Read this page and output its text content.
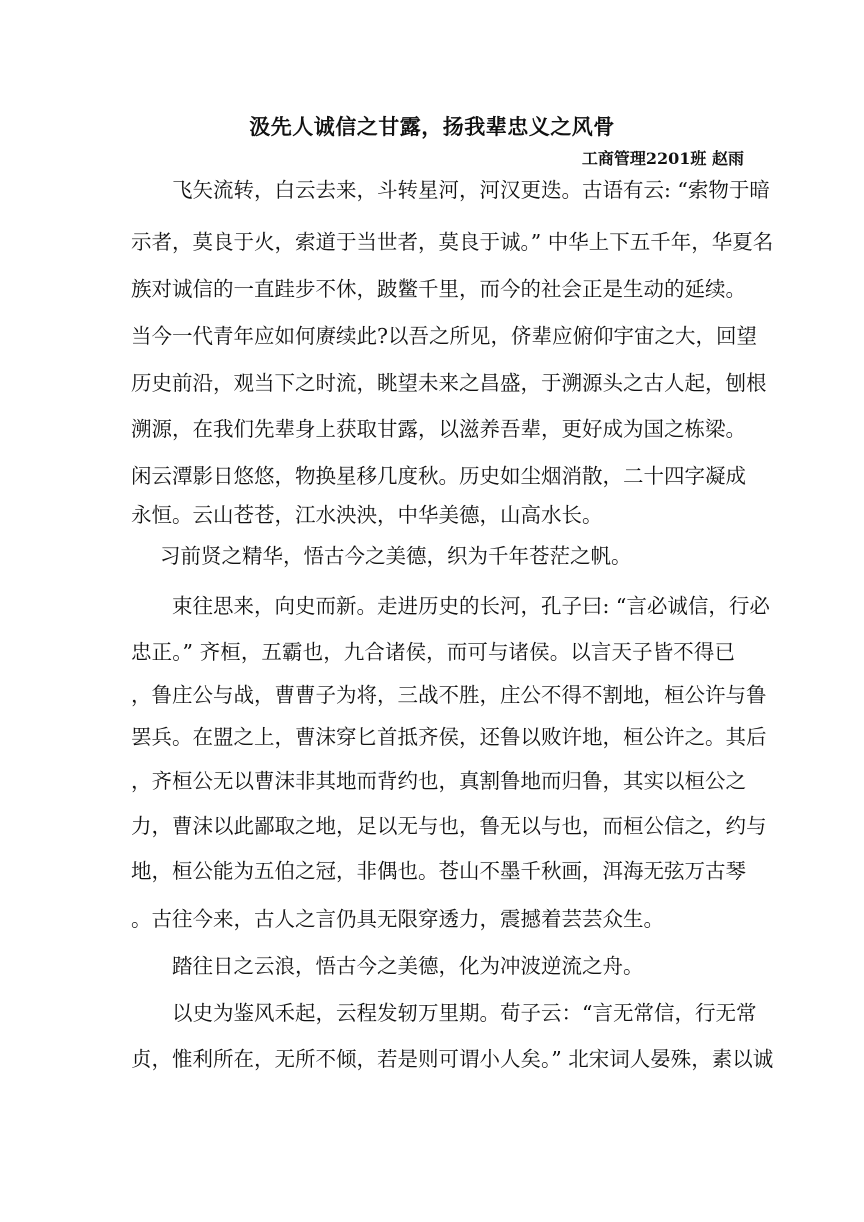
汲先人诚信之甘露，扬我辈忠义之风骨
工商管理2201班 赵雨
飞矢流转，白云去来，斗转星河，河汉更迭。古语有云: “索物于暗
示者，莫良于火，索道于当世者，莫良于诚。” 中华上下五千年，华夏名
族对诚信的一直跬步不休，跛鳖千里，而今的社会正是生动的延续。
当今一代青年应如何赓续此?以吾之所见，侪辈应俯仰宇宙之大，回望
历史前沿，观当下之时流，眺望未来之昌盛，于溯源头之古人起，刨根
溯源，在我们先辈身上获取甘露，以滋养吾辈，更好成为国之栋梁。
闲云潭影日悠悠，物换星移几度秋。历史如尘烟消散，二十四字凝成
永恒。云山苍苍，江水泱泱，中华美德，山高水长。
习前贤之精华，悟古今之美德，织为千年苍茫之帆。
束往思来，向史而新。走进历史的长河，孔子曰: “言必诚信，行必
忠正。” 齐桓，五霸也，九合诸侯，而可与诸侯。以言天子皆不得已
，鲁庄公与战，曹曹子为将，三战不胜，庄公不得不割地，桓公许与鲁
罢兵。在盟之上，曹沫穿匕首抵齐侯，还鲁以败许地，桓公许之。其后
，齐桓公无以曹沫非其地而背约也，真割鲁地而归鲁，其实以桓公之
力，曹沫以此鄙取之地，足以无与也，鲁无以与也，而桓公信之，约与
地，桓公能为五伯之冠，非偶也。苍山不墨千秋画，洱海无弦万古琴
。古往今来，古人之言仍具无限穿透力，震撼着芸芸众生。
踏往日之云浪，悟古今之美德，化为冲波逆流之舟。
以史为鉴风禾起，云程发轫万里期。荀子云：“言无常信，行无常
贞，惟利所在，无所不倾，若是则可谓小人矣。” 北宋词人晏殊，素以诚
